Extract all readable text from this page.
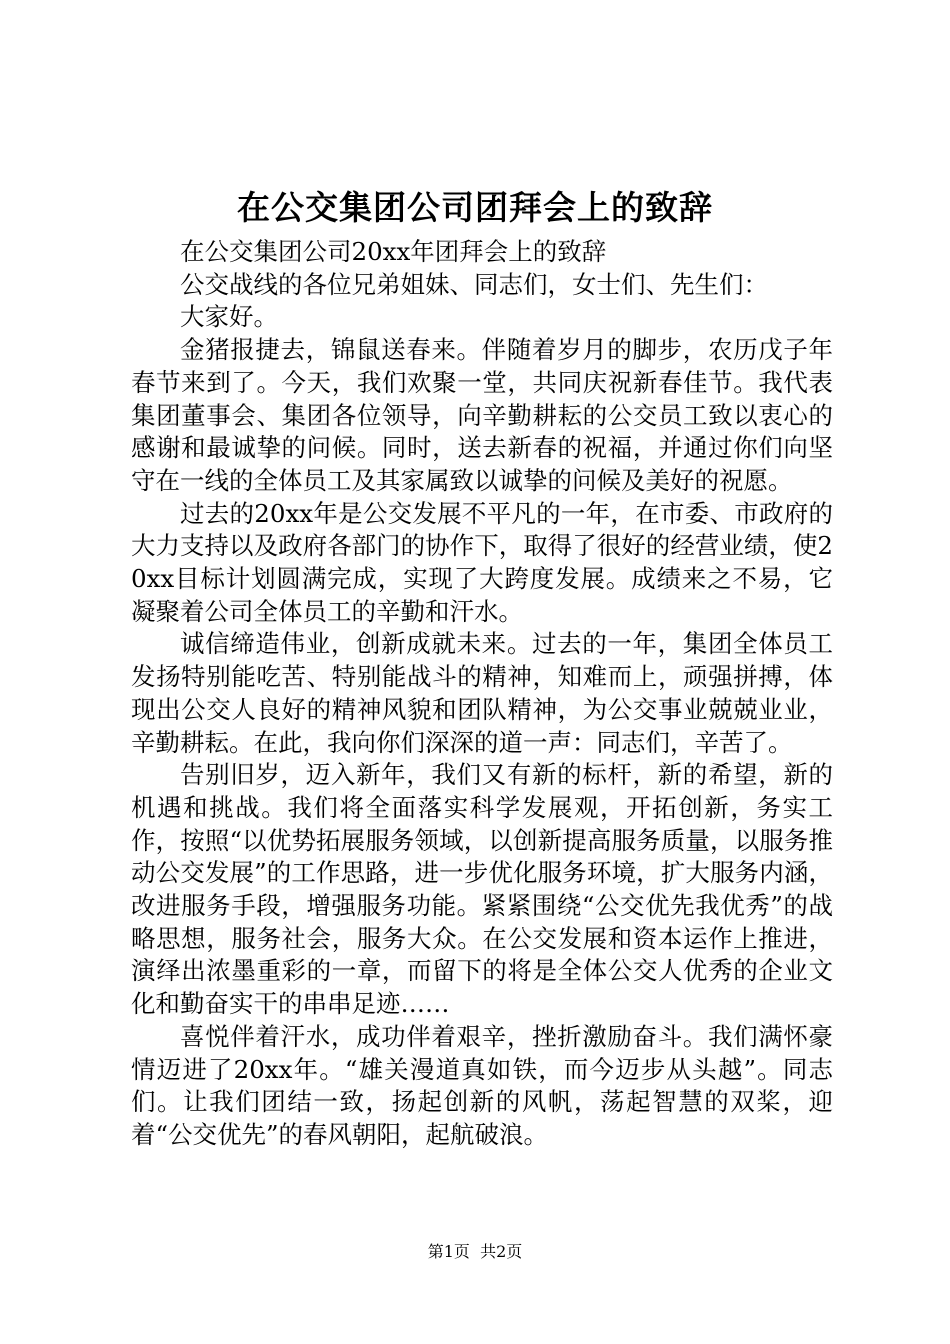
在公交集团公司团拜会上的致辞

在公交集团公司20xx年团拜会上的致辞

公交战线的各位兄弟姐妹、同志们，女士们、先生们：

大家好。

金猪报捷去，锦鼠送春来。伴随着岁月的脚步，农历戊子年春节来到了。今天，我们欢聚一堂，共同庆祝新春佳节。我代表集团董事会、集团各位领导，向辛勤耕耘的公交员工致以衷心的感谢和最诚挚的问候。同时，送去新春的祝福，并通过你们向坚守在一线的全体员工及其家属致以诚挚的问候及美好的祝愿。

过去的20xx年是公交发展不平凡的一年，在市委、市政府的大力支持以及政府各部门的协作下，取得了很好的经营业绩，使20xx目标计划圆满完成，实现了大跨度发展。成绩来之不易，它凝聚着公司全体员工的辛勤和汗水。

诚信缔造伟业，创新成就未来。过去的一年，集团全体员工发扬特别能吃苦、特别能战斗的精神，知难而上，顽强拼搏，体现出公交人良好的精神风貌和团队精神，为公交事业兢兢业业，辛勤耕耘。在此，我向你们深深的道一声：同志们，辛苦了。

告别旧岁，迈入新年，我们又有新的标杆，新的希望，新的机遇和挑战。我们将全面落实科学发展观，开拓创新，务实工作，按照“以优势拓展服务领域，以创新提高服务质量，以服务推动公交发展”的工作思路，进一步优化服务环境，扩大服务内涵，改进服务手段，增强服务功能。紧紧围绕“公交优先我优秀”的战略思想，服务社会，服务大众。在公交发展和资本运作上推进，演绎出浓墨重彩的一章，而留下的将是全体公交人优秀的企业文化和勤奋实干的串串足迹……

喜悦伴着汗水，成功伴着艰辛，挫折激励奋斗。我们满怀豪情迈进了20xx年。“雄关漫道真如铁，而今迈步从头越”。同志们。让我们团结一致，扬起创新的风帆，荡起智慧的双桨，迎着“公交优先”的春风朝阳，起航破浪。

第1页  共2页
